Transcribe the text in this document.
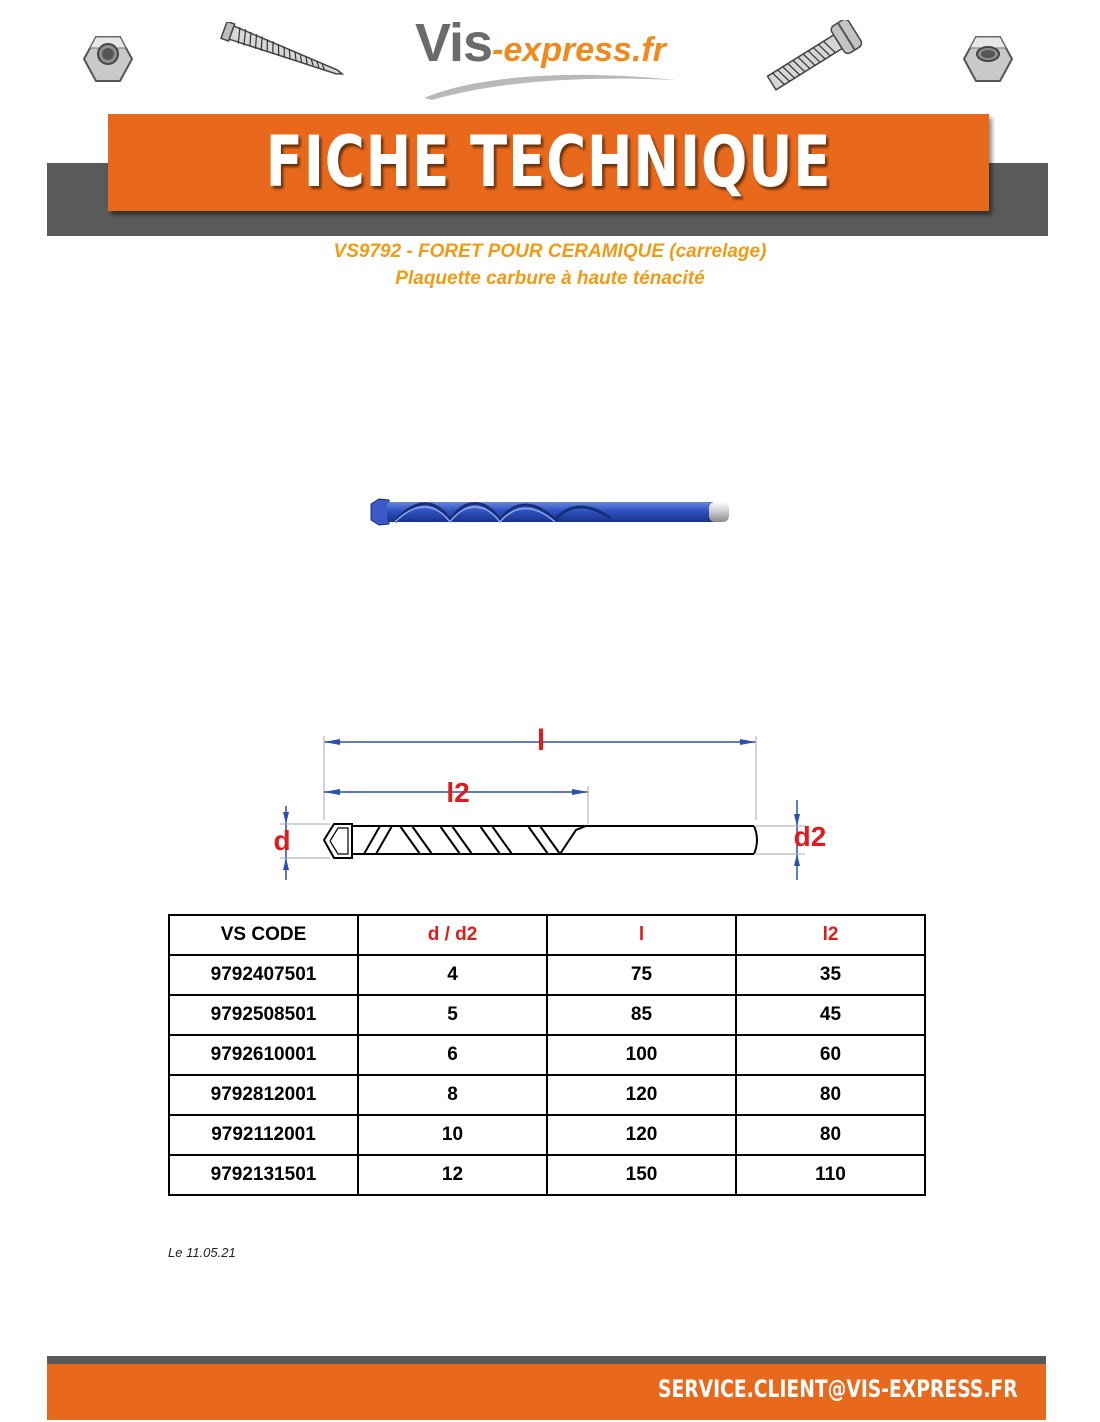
Vis-express.fr
FICHE TECHNIQUE
VS9792 - FORET POUR CERAMIQUE (carrelage)
Plaquette carbure à haute ténacité
l
l2
d	d2
VS CODE	d / d2	l	l2
9792407501	4	75	35
9792508501	5	85	45
9792610001	6	100	60
9792812001	8	120	80
9792112001	10	120	80
9792131501	12	150	110
Le 11.05.21
SERVICE.CLIENT@VIS-EXPRESS.FR
